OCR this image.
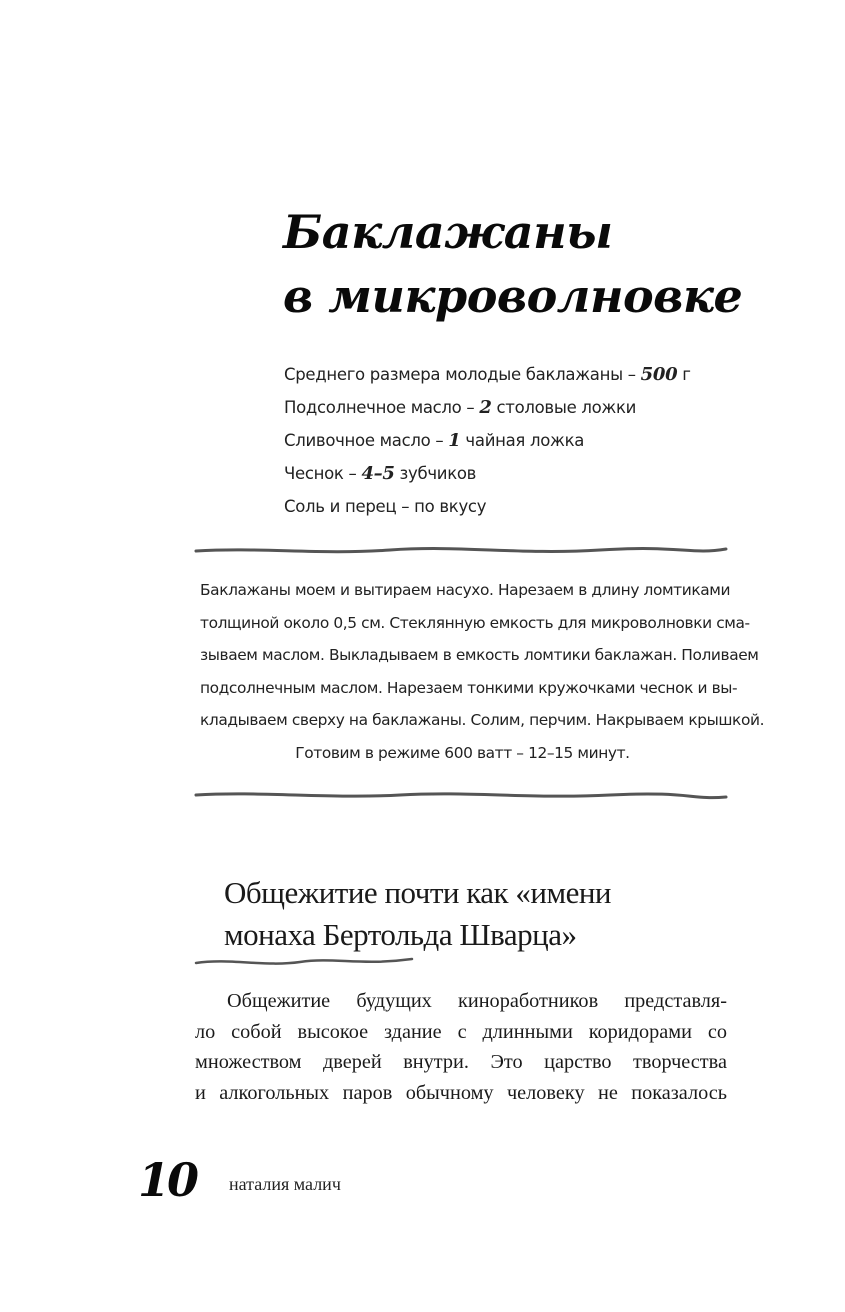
Баклажаны
в микроволновке
Среднего размера молодые баклажаны – 500 г
Подсолнечное масло – 2 столовые ложки
Сливочное масло – 1 чайная ложка
Чеснок – 4–5 зубчиков
Соль и перец – по вкусу
Баклажаны моем и вытираем насухо. Нарезаем в длину ломтиками
толщиной около 0,5 см. Стеклянную емкость для микроволновки сма-
зываем маслом. Выкладываем в емкость ломтики баклажан. Поливаем
подсолнечным маслом. Нарезаем тонкими кружочками чеснок и вы-
кладываем сверху на баклажаны. Солим, перчим. Накрываем крышкой.
Готовим в режиме 600 ватт – 12–15 минут.
Общежитие почти как «имени
монаха Бертольда Шварца»
Общежитие будущих киноработников представля-
ло собой высокое здание с длинными коридорами со
множеством дверей внутри. Это царство творчества
и алкогольных паров обычному человеку не показалось
10 наталия малич
